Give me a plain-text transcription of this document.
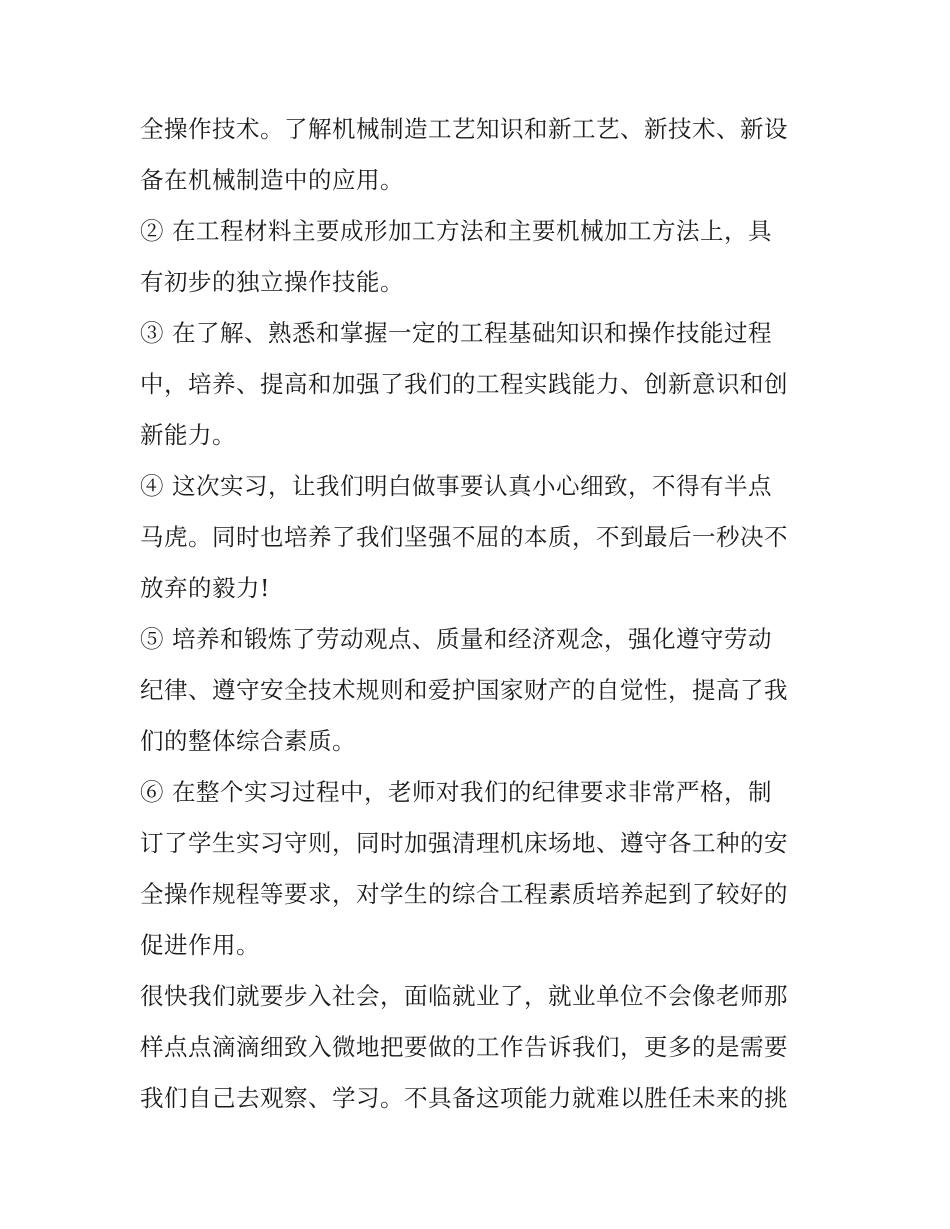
全操作技术。了解机械制造工艺知识和新工艺、新技术、新设
备在机械制造中的应用。
② 在工程材料主要成形加工方法和主要机械加工方法上，具
有初步的独立操作技能。
③ 在了解、熟悉和掌握一定的工程基础知识和操作技能过程
中，培养、提高和加强了我们的工程实践能力、创新意识和创
新能力。
④ 这次实习，让我们明白做事要认真小心细致，不得有半点
马虎。同时也培养了我们坚强不屈的本质，不到最后一秒决不
放弃的毅力!
⑤ 培养和锻炼了劳动观点、质量和经济观念，强化遵守劳动
纪律、遵守安全技术规则和爱护国家财产的自觉性，提高了我
们的整体综合素质。
⑥ 在整个实习过程中，老师对我们的纪律要求非常严格，制
订了学生实习守则，同时加强清理机床场地、遵守各工种的安
全操作规程等要求，对学生的综合工程素质培养起到了较好的
促进作用。
很快我们就要步入社会，面临就业了，就业单位不会像老师那
样点点滴滴细致入微地把要做的工作告诉我们，更多的是需要
我们自己去观察、学习。不具备这项能力就难以胜任未来的挑
